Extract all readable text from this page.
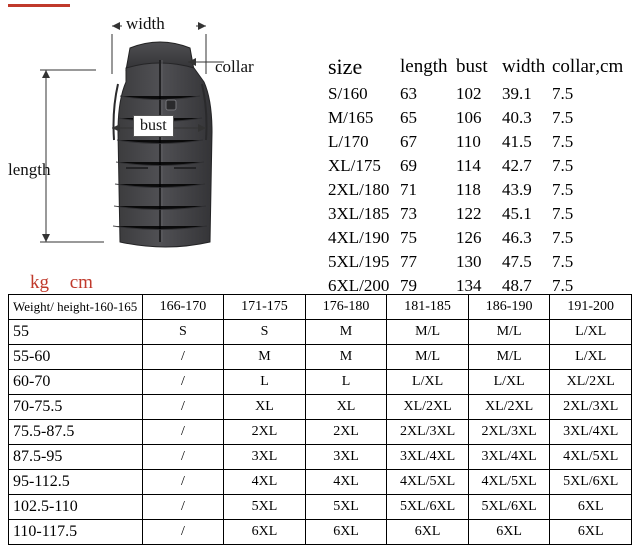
width
collar
length
bust
size	length	bust	width	collar	,cm
S/160	63	102	39.1	7.5	
M/165	65	106	40.3	7.5	
L/170	67	110	41.5	7.5	
XL/175	69	114	42.7	7.5	
2XL/180	71	118	43.9	7.5	
3XL/185	73	122	45.1	7.5	
4XL/190	75	126	46.3	7.5	
5XL/195	77	130	47.5	7.5	
6XL/200	79	134	48.7	7.5	
kg cm
Weight/ height-160-165	166-170	171-175	176-180	181-185	186-190	191-200
55	S	S	M	M/L	M/L	L/XL
55-60	/	M	M	M/L	M/L	L/XL
60-70	/	L	L	L/XL	L/XL	XL/2XL
70-75.5	/	XL	XL	XL/2XL	XL/2XL	2XL/3XL
75.5-87.5	/	2XL	2XL	2XL/3XL	2XL/3XL	3XL/4XL
87.5-95	/	3XL	3XL	3XL/4XL	3XL/4XL	4XL/5XL
95-112.5	/	4XL	4XL	4XL/5XL	4XL/5XL	5XL/6XL
102.5-110	/	5XL	5XL	5XL/6XL	5XL/6XL	6XL
110-117.5	/	6XL	6XL	6XL	6XL	6XL
